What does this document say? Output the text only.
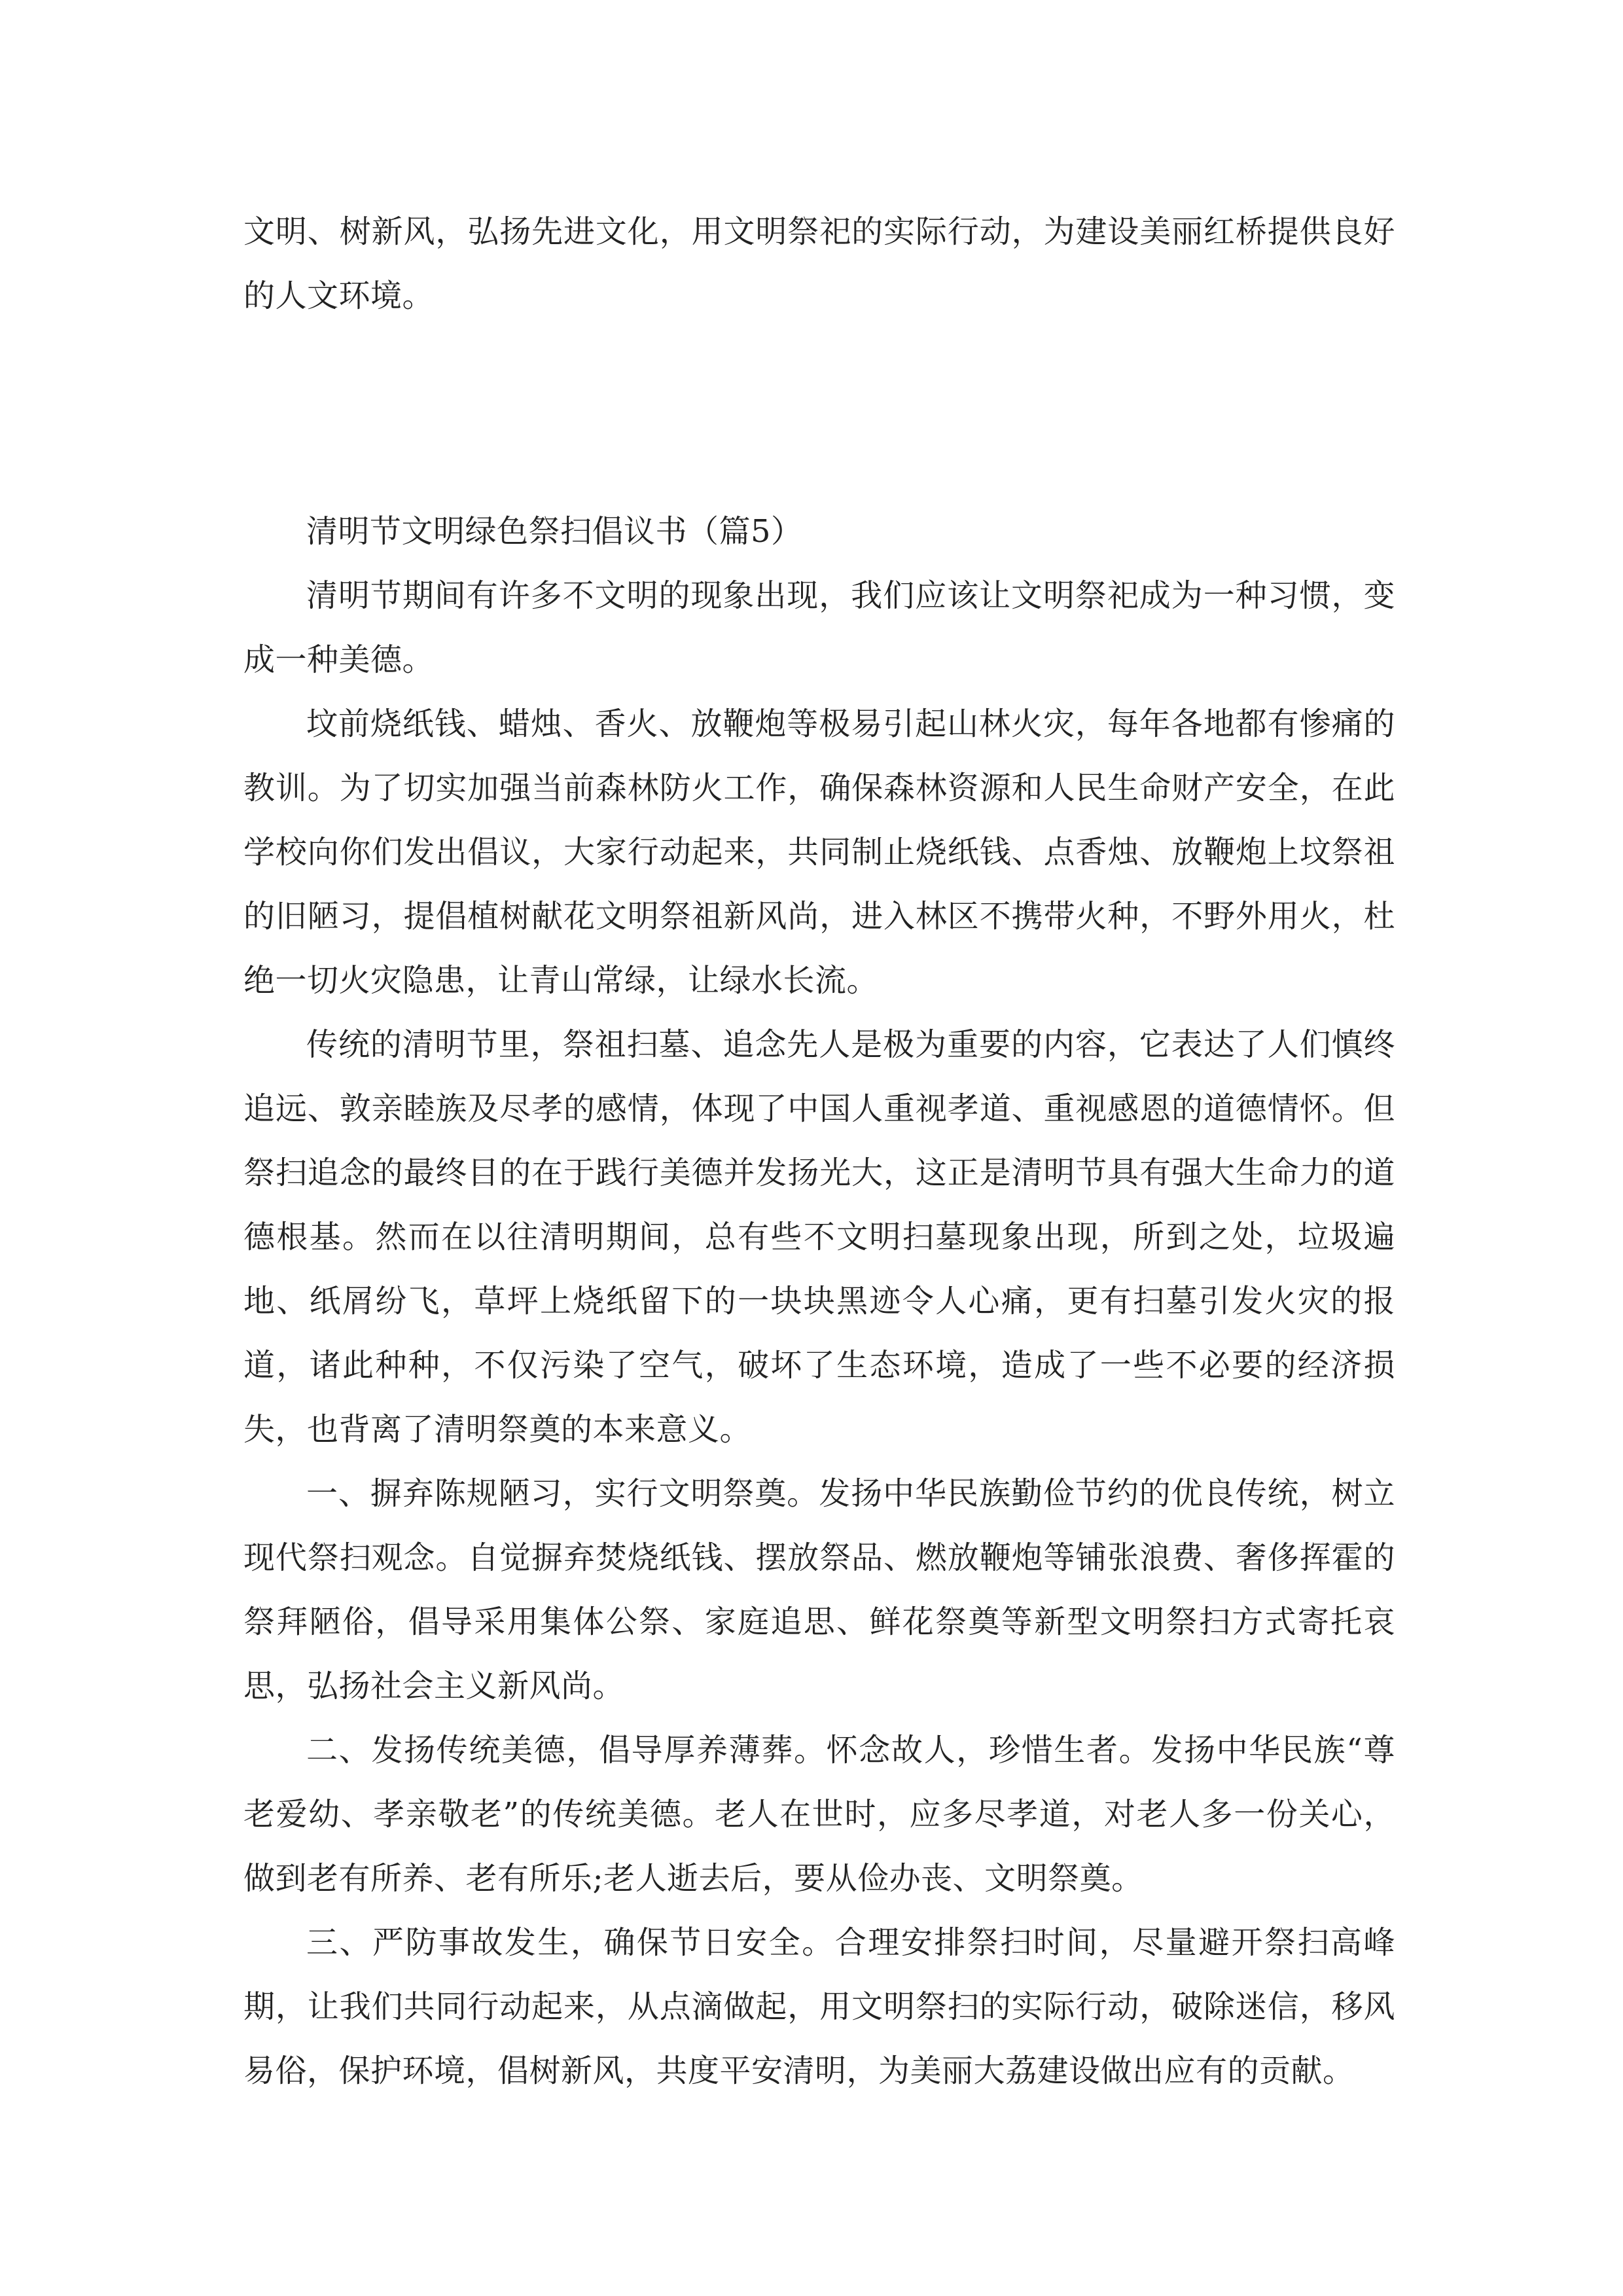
文明、树新风，弘扬先进文化，用文明祭祀的实际行动，为建设美丽红桥提供良好的人文环境。

清明节文明绿色祭扫倡议书（篇5）

清明节期间有许多不文明的现象出现，我们应该让文明祭祀成为一种习惯，变成一种美德。

坟前烧纸钱、蜡烛、香火、放鞭炮等极易引起山林火灾，每年各地都有惨痛的教训。为了切实加强当前森林防火工作，确保森林资源和人民生命财产安全，在此学校向你们发出倡议，大家行动起来，共同制止烧纸钱、点香烛、放鞭炮上坟祭祖的旧陋习，提倡植树献花文明祭祖新风尚，进入林区不携带火种，不野外用火，杜绝一切火灾隐患，让青山常绿，让绿水长流。

传统的清明节里，祭祖扫墓、追念先人是极为重要的内容，它表达了人们慎终追远、敦亲睦族及尽孝的感情，体现了中国人重视孝道、重视感恩的道德情怀。但祭扫追念的最终目的在于践行美德并发扬光大，这正是清明节具有强大生命力的道德根基。然而在以往清明期间，总有些不文明扫墓现象出现，所到之处，垃圾遍地、纸屑纷飞，草坪上烧纸留下的一块块黑迹令人心痛，更有扫墓引发火灾的报道，诸此种种，不仅污染了空气，破坏了生态环境，造成了一些不必要的经济损失，也背离了清明祭奠的本来意义。

一、摒弃陈规陋习，实行文明祭奠。发扬中华民族勤俭节约的优良传统，树立现代祭扫观念。自觉摒弃焚烧纸钱、摆放祭品、燃放鞭炮等铺张浪费、奢侈挥霍的祭拜陋俗，倡导采用集体公祭、家庭追思、鲜花祭奠等新型文明祭扫方式寄托哀思，弘扬社会主义新风尚。

二、发扬传统美德，倡导厚养薄葬。怀念故人，珍惜生者。发扬中华民族“尊老爱幼、孝亲敬老”的传统美德。老人在世时，应多尽孝道，对老人多一份关心，做到老有所养、老有所乐;老人逝去后，要从俭办丧、文明祭奠。

三、严防事故发生，确保节日安全。合理安排祭扫时间，尽量避开祭扫高峰期，让我们共同行动起来，从点滴做起，用文明祭扫的实际行动，破除迷信，移风易俗，保护环境，倡树新风，共度平安清明，为美丽大荔建设做出应有的贡献。
